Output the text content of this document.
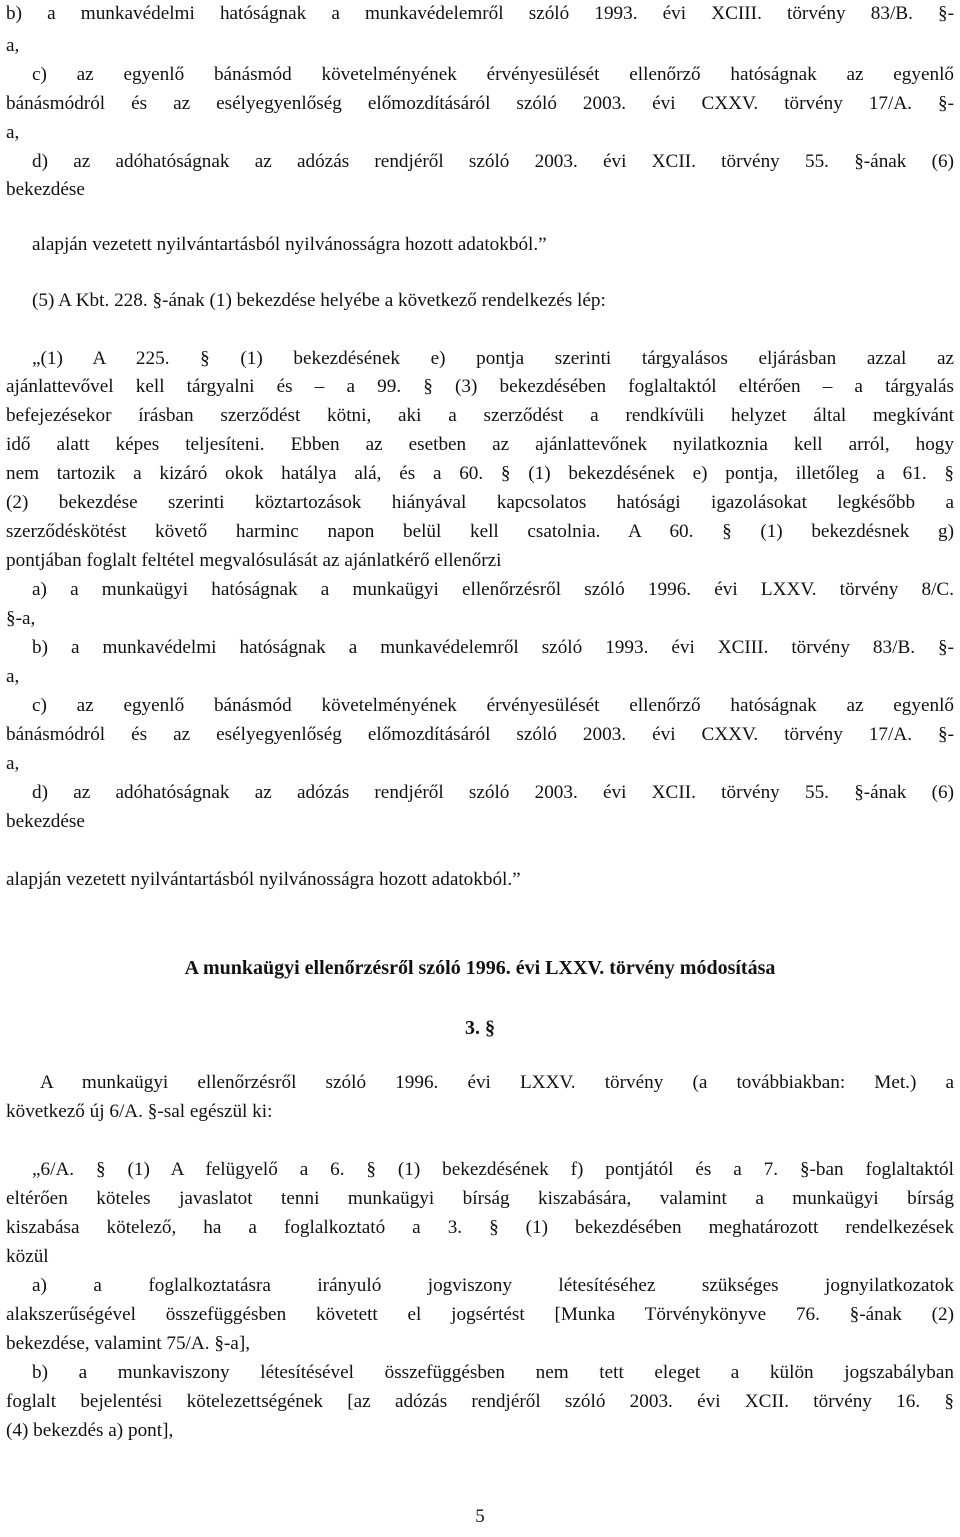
b) a munkavédelmi hatóságnak a munkavédelemről szóló 1993. évi XCIII. törvény 83/B. §-
a,
c) az egyenlő bánásmód követelményének érvényesülését ellenőrző hatóságnak az egyenlő
bánásmódról és az esélyegyenlőség előmozdításáról szóló 2003. évi CXXV. törvény 17/A. §-
a,
d) az adóhatóságnak az adózás rendjéről szóló 2003. évi XCII. törvény 55. §-ának (6)
bekezdése
alapján vezetett nyilvántartásból nyilvánosságra hozott adatokból.”
(5) A Kbt. 228. §-ának (1) bekezdése helyébe a következő rendelkezés lép:
„(1) A 225. § (1) bekezdésének e) pontja szerinti tárgyalásos eljárásban azzal az
ajánlattevővel kell tárgyalni és – a 99. § (3) bekezdésében foglaltaktól eltérően – a tárgyalás
befejezésekor írásban szerződést kötni, aki a szerződést a rendkívüli helyzet által megkívánt
idő alatt képes teljesíteni. Ebben az esetben az ajánlattevőnek nyilatkoznia kell arról, hogy
nem tartozik a kizáró okok hatálya alá, és a 60. § (1) bekezdésének e) pontja, illetőleg a 61. §
(2) bekezdése szerinti köztartozások hiányával kapcsolatos hatósági igazolásokat legkésőbb a
szerződéskötést követő harminc napon belül kell csatolnia. A 60. § (1) bekezdésnek g)
pontjában foglalt feltétel megvalósulását az ajánlatkérő ellenőrzi
a) a munkaügyi hatóságnak a munkaügyi ellenőrzésről szóló 1996. évi LXXV. törvény 8/C.
§-a,
b) a munkavédelmi hatóságnak a munkavédelemről szóló 1993. évi XCIII. törvény 83/B. §-
a,
c) az egyenlő bánásmód követelményének érvényesülését ellenőrző hatóságnak az egyenlő
bánásmódról és az esélyegyenlőség előmozdításáról szóló 2003. évi CXXV. törvény 17/A. §-
a,
d) az adóhatóságnak az adózás rendjéről szóló 2003. évi XCII. törvény 55. §-ának (6)
bekezdése
alapján vezetett nyilvántartásból nyilvánosságra hozott adatokból.”
A munkaügyi ellenőrzésről szóló 1996. évi LXXV. törvény módosítása
3. §
A munkaügyi ellenőrzésről szóló 1996. évi LXXV. törvény (a továbbiakban: Met.) a
következő új 6/A. §-sal egészül ki:
„6/A. § (1) A felügyelő a 6. § (1) bekezdésének f) pontjától és a 7. §-ban foglaltaktól
eltérően köteles javaslatot tenni munkaügyi bírság kiszabására, valamint a munkaügyi bírság
kiszabása kötelező, ha a foglalkoztató a 3. § (1) bekezdésében meghatározott rendelkezések
közül
a) a foglalkoztatásra irányuló jogviszony létesítéséhez szükséges jognyilatkozatok
alakszerűségével összefüggésben követett el jogsértést [Munka Törvénykönyve 76. §-ának (2)
bekezdése, valamint 75/A. §-a],
b) a munkaviszony létesítésével összefüggésben nem tett eleget a külön jogszabályban
foglalt bejelentési kötelezettségének [az adózás rendjéről szóló 2003. évi XCII. törvény 16. §
(4) bekezdés a) pont],
5
